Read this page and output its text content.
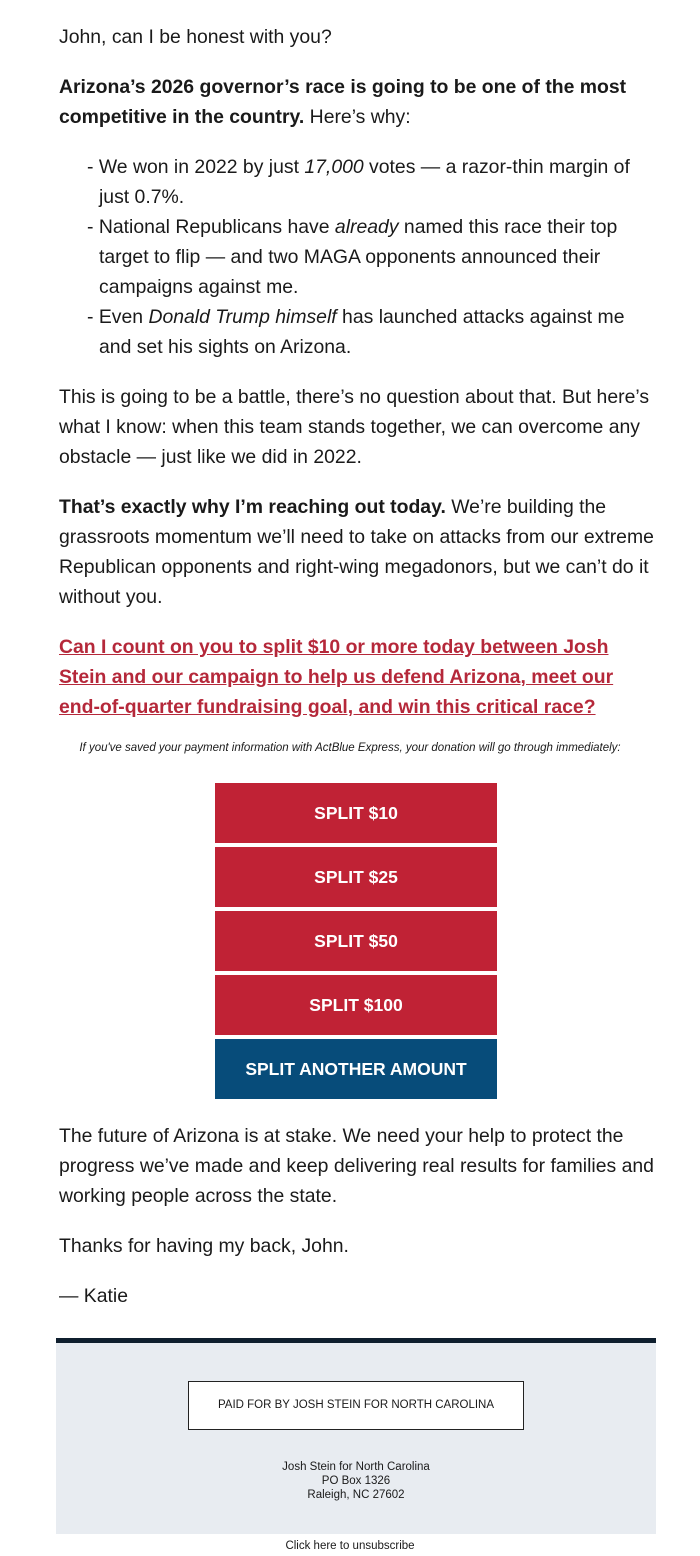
John, can I be honest with you?

Arizona’s 2026 governor’s race is going to be one of the most competitive in the country. Here’s why:

- We won in 2022 by just 17,000 votes — a razor-thin margin of just 0.7%.
- National Republicans have already named this race their top target to flip — and two MAGA opponents announced their campaigns against me.
- Even Donald Trump himself has launched attacks against me and set his sights on Arizona.

This is going to be a battle, there’s no question about that. But here’s what I know: when this team stands together, we can overcome any obstacle — just like we did in 2022.

That’s exactly why I’m reaching out today. We’re building the grassroots momentum we’ll need to take on attacks from our extreme Republican opponents and right-wing megadonors, but we can’t do it without you.

Can I count on you to split $10 or more today between Josh Stein and our campaign to help us defend Arizona, meet our end-of-quarter fundraising goal, and win this critical race?
If you've saved your payment information with ActBlue Express, your donation will go through immediately:
SPLIT $10
SPLIT $25
SPLIT $50
SPLIT $100
SPLIT ANOTHER AMOUNT

The future of Arizona is at stake. We need your help to protect the progress we’ve made and keep delivering real results for families and working people across the state.

Thanks for having my back, John.

— Katie

PAID FOR BY JOSH STEIN FOR NORTH CAROLINA
Josh Stein for North Carolina
PO Box 1326
Raleigh, NC 27602
Click here to unsubscribe
